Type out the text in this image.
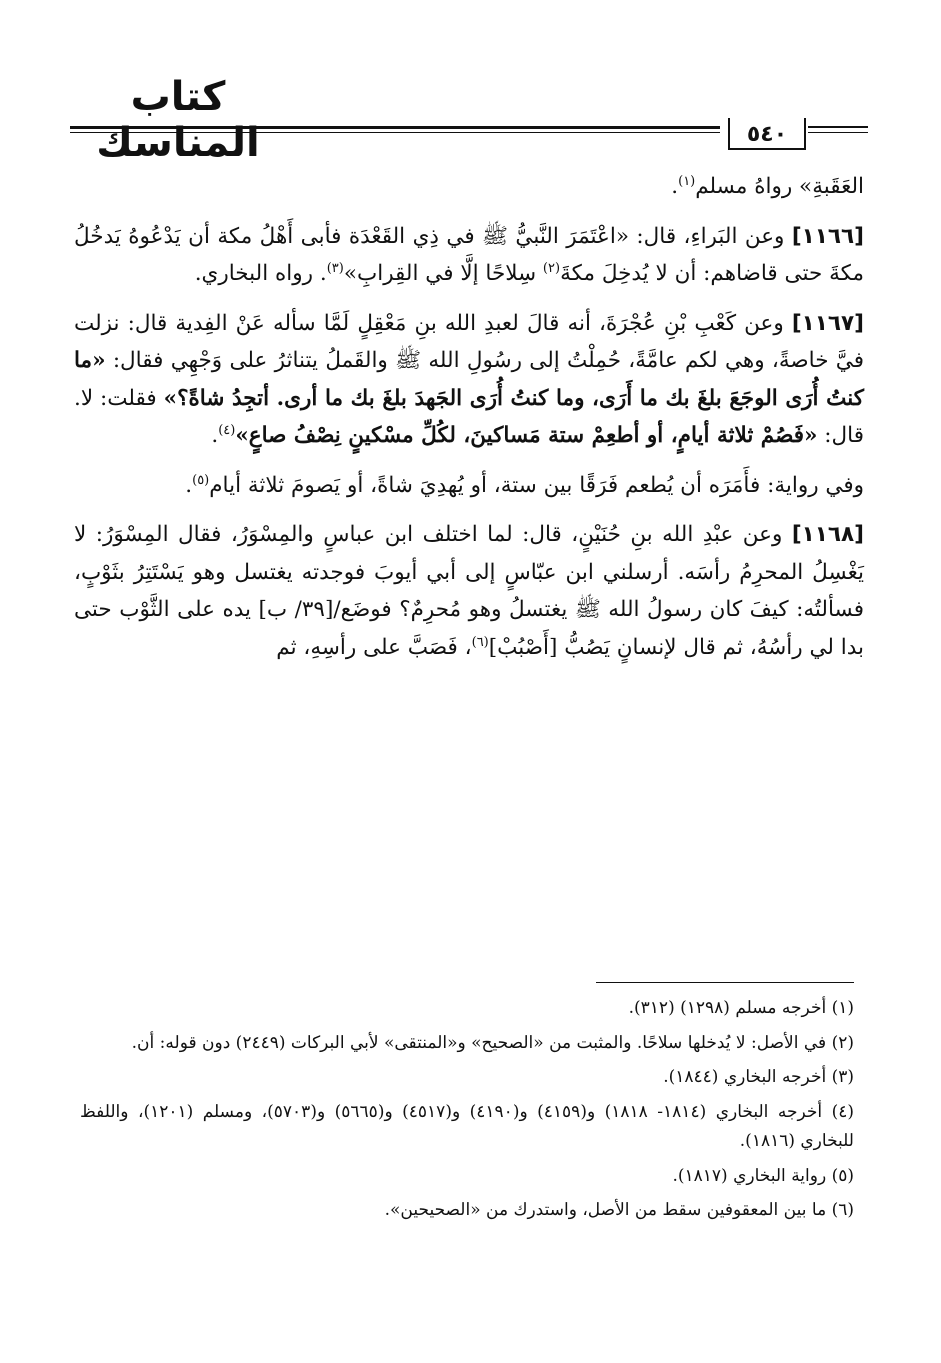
كتاب المناسك	٥٤٠

العَقَبةِ» رواهُ مسلم$^{(١)}$.

[١١٦٦] وعن البَراءِ، قال: «اعْتَمَرَ النَّبيُّ ﷺ في ذِي القَعْدَة فأبى أَهْلُ مكة أن يَدْعُوهُ يَدخُلُ مكةَ حتى قاضاهم: أن لا يُدخِلَ مكةَ$^{(٢)}$ سِلاحًا إلَّا في القِرابِ»$^{(٣)}$. رواه البخاري.

[١١٦٧] وعن كَعْبِ بْنِ عُجْرَةَ، أنه قالَ لعبدِ الله بنِ مَعْقِلٍ لَمَّا سأله عَنْ الفِدية قال: نزلت فيَّ خاصةً، وهي لكم عامَّةً، حُمِلْتُ إلى رسُولِ الله ﷺ والقَملُ يتناثرُ على وَجْهِي فقال: «ما كنتُ أُرَى الوجَعَ بلغَ بك ما أَرَى، وما كنتُ أُرَى الجَهدَ بلغَ بك ما أرى. أتجِدُ شاةً؟» فقلت: لا. قال: «فَصُمْ ثلاثة أيامٍ، أو أطعِمْ ستة مَساكينَ، لكُلِّ مسْكينٍ نِصْفُ صاعٍ»$^{(٤)}$.

وفي رواية: فأَمَرَه أن يُطعم فَرَقًا بين ستة، أو يُهدِيَ شاةً، أو يَصومَ ثلاثة أيام$^{(٥)}$.

[١١٦٨] وعن عبْدِ الله بنِ حُنَيْنٍ، قال: لما اختلف ابن عباسٍ والمِسْوَرُ، فقال المِسْوَرُ: لا يَغْسِلُ المحرِمُ رأسَه. أرسلني ابن عبّاسٍ إلى أبي أيوبَ فوجدته يغتسل وهو يَسْتَتِرُ بثَوْبٍ، فسألتُه: كيفَ كان رسولُ الله ﷺ يغتسلُ وهو مُحرِمٌ؟ فوضَع/[٣٩/ ب] يده على الثَّوْب حتى بدا لي رأسُهُ، ثم قال لإنسانٍ يَصُبُّ [أَصْبُبْ]$^{(٦)}$، فَصَبَّ على رأسِهِ، ثم

(١) أخرجه مسلم (١٢٩٨) (٣١٢).

(٢) في الأصل: لا يُدخلها سلاحًا. والمثبت من «الصحيح» و«المنتقى» لأبي البركات (٢٤٤٩) دون قوله: أن.

(٣) أخرجه البخاري (١٨٤٤).

(٤) أخرجه البخاري (١٨١٤- ١٨١٨) و(٤١٥٩) و(٤١٩٠) و(٤٥١٧) و(٥٦٦٥) و(٥٧٠٣)، ومسلم (١٢٠١)، واللفظ للبخاري (١٨١٦).

(٥) رواية البخاري (١٨١٧).

(٦) ما بين المعقوفين سقط من الأصل، واستدرك من «الصحيحين».
